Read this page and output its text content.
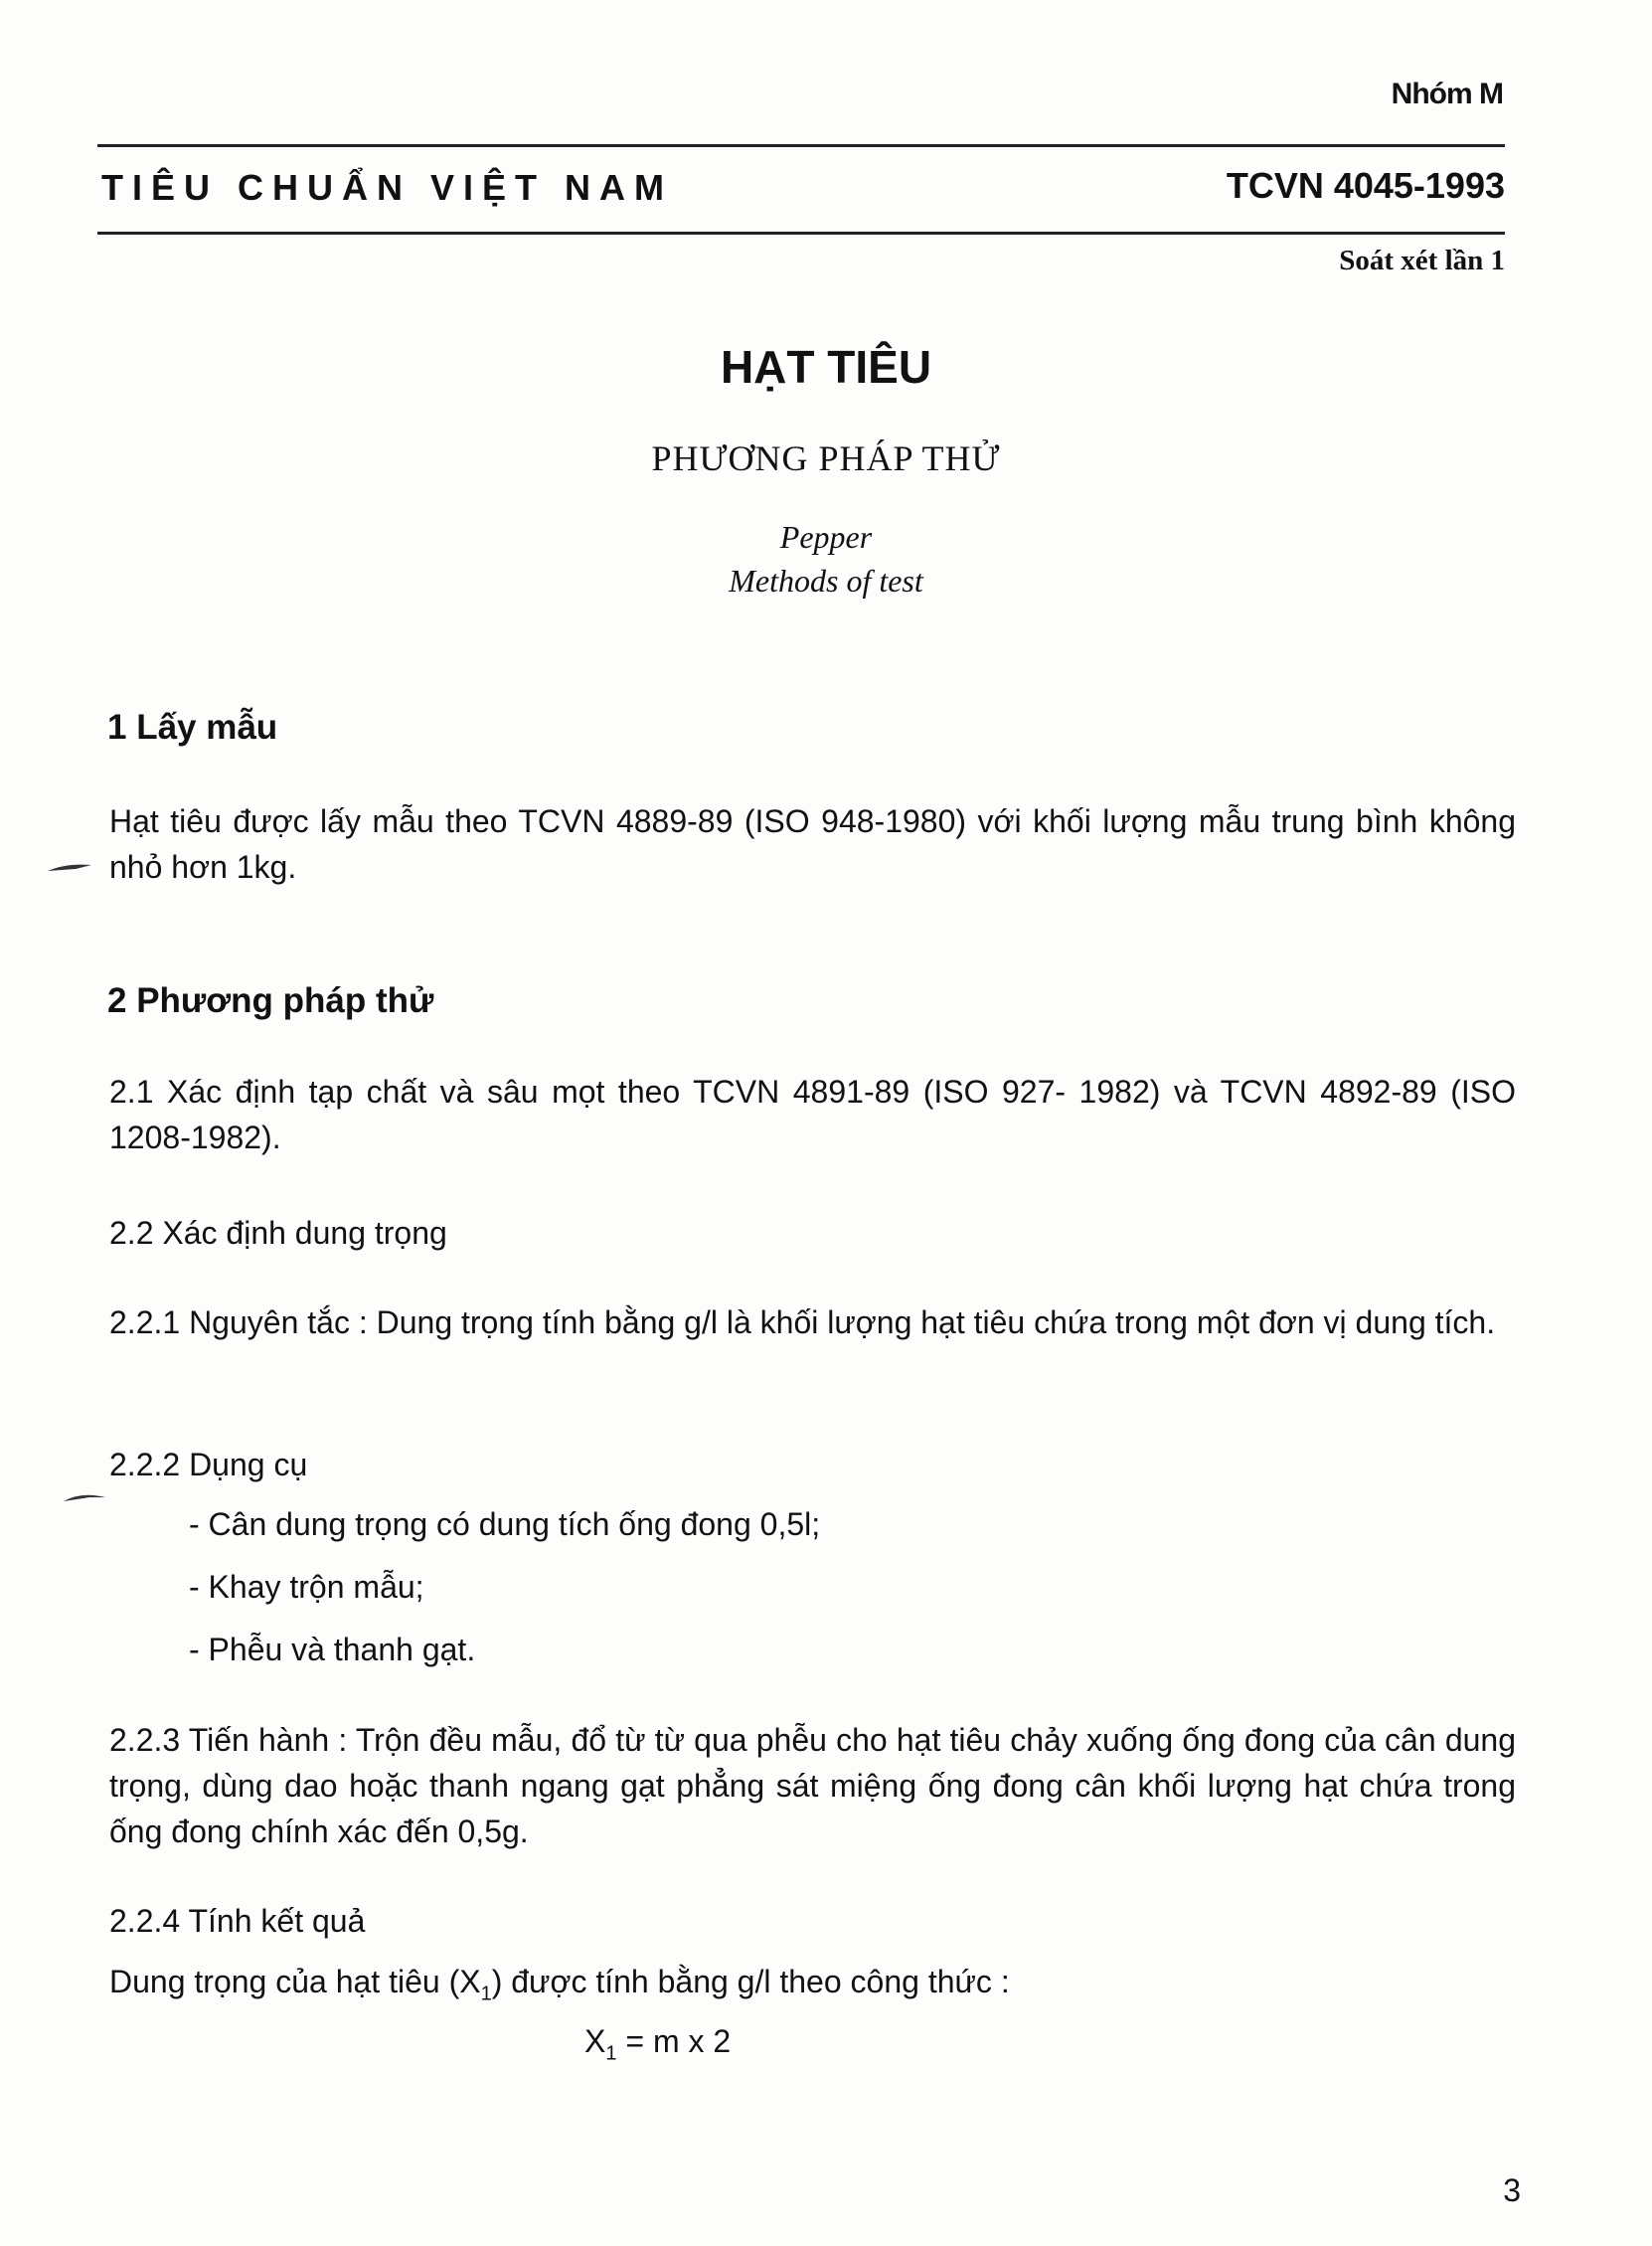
Nhóm M
TIÊU CHUẨN VIỆT NAM	TCVN 4045-1993
Soát xét lần 1
HẠT TIÊU
PHƯƠNG PHÁP THỬ
Pepper
Methods of test
1 Lấy mẫu
Hạt tiêu được lấy mẫu theo TCVN 4889-89 (ISO 948-1980) với khối lượng mẫu trung bình không nhỏ hơn 1kg.
2 Phương pháp thử
2.1 Xác định tạp chất và sâu mọt theo TCVN 4891-89 (ISO 927- 1982) và TCVN 4892-89 (ISO 1208-1982).
2.2 Xác định dung trọng
2.2.1 Nguyên tắc : Dung trọng tính bằng g/l là khối lượng hạt tiêu chứa trong một đơn vị dung tích.
2.2.2 Dụng cụ
- Cân dung trọng có dung tích ống đong 0,5l;
- Khay trộn mẫu;
- Phễu và thanh gạt.
2.2.3 Tiến hành : Trộn đều mẫu, đổ từ từ qua phễu cho hạt tiêu chảy xuống ống đong của cân dung trọng, dùng dao hoặc thanh ngang gạt phẳng sát miệng ống đong cân khối lượng hạt chứa trong ống đong chính xác đến 0,5g.
2.2.4 Tính kết quả
Dung trọng của hạt tiêu $(X_1)$ được tính bằng g/l theo công thức :
$X_1 = m$ x 2
3
